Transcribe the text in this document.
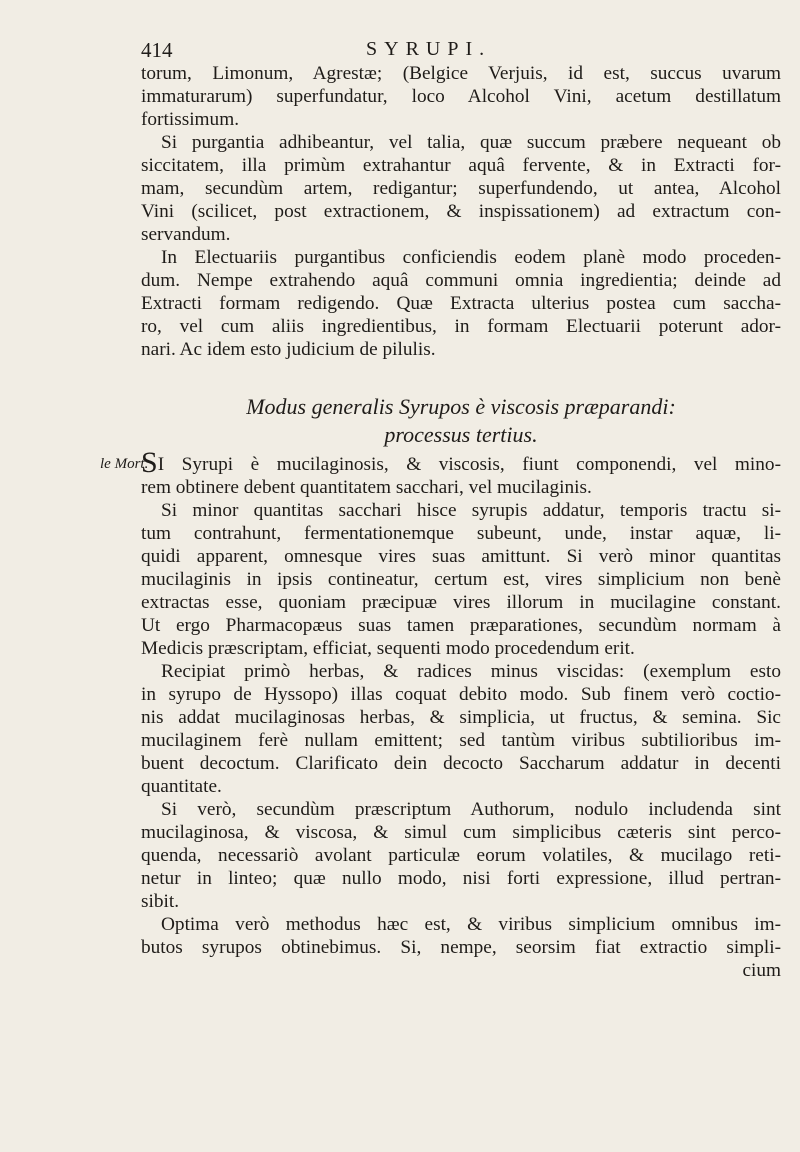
414	SYRUPI.
torum, Limonum, Agrestæ; (Belgice Verjuis, id est, succus uvarum
immaturarum) superfundatur, loco Alcohol Vini, acetum destillatum
fortissimum.
Si purgantia adhibeantur, vel talia, quæ succum præbere nequeant ob
siccitatem, illa primùm extrahantur aquâ fervente, & in Extracti for-
mam, secundùm artem, redigantur; superfundendo, ut antea, Alcohol
Vini (scilicet, post extractionem, & inspissationem) ad extractum con-
servandum.
In Electuariis purgantibus conficiendis eodem planè modo proceden-
dum. Nempe extrahendo aquâ communi omnia ingredientia; deinde ad
Extracti formam redigendo. Quæ Extracta ulterius postea cum saccha-
ro, vel cum aliis ingredientibus, in formam Electuarii poterunt ador-
nari. Ac idem esto judicium de pilulis.
Modus generalis Syrupos è viscosis præparandi:
processus tertius.
le Mort.
SI Syrupi è mucilaginosis, & viscosis, fiunt componendi, vel mino-
rem obtinere debent quantitatem sacchari, vel mucilaginis.
Si minor quantitas sacchari hisce syrupis addatur, temporis tractu si-
tum contrahunt, fermentationemque subeunt, unde, instar aquæ, li-
quidi apparent, omnesque vires suas amittunt. Si verò minor quantitas
mucilaginis in ipsis contineatur, certum est, vires simplicium non benè
extractas esse, quoniam præcipuæ vires illorum in mucilagine constant.
Ut ergo Pharmacopæus suas tamen præparationes, secundùm normam à
Medicis præscriptam, efficiat, sequenti modo procedendum erit.
Recipiat primò herbas, & radices minus viscidas: (exemplum esto
in syrupo de Hyssopo) illas coquat debito modo. Sub finem verò coctio-
nis addat mucilaginosas herbas, & simplicia, ut fructus, & semina. Sic
mucilaginem ferè nullam emittent; sed tantùm viribus subtilioribus im-
buent decoctum. Clarificato dein decocto Saccharum addatur in decenti
quantitate.
Si verò, secundùm præscriptum Authorum, nodulo includenda sint
mucilaginosa, & viscosa, & simul cum simplicibus cæteris sint perco-
quenda, necessariò avolant particulæ eorum volatiles, & mucilago reti-
netur in linteo; quæ nullo modo, nisi forti expressione, illud pertran-
sibit.
Optima verò methodus hæc est, & viribus simplicium omnibus im-
butos syrupos obtinebimus. Si, nempe, seorsim fiat extractio simpli-
cium
